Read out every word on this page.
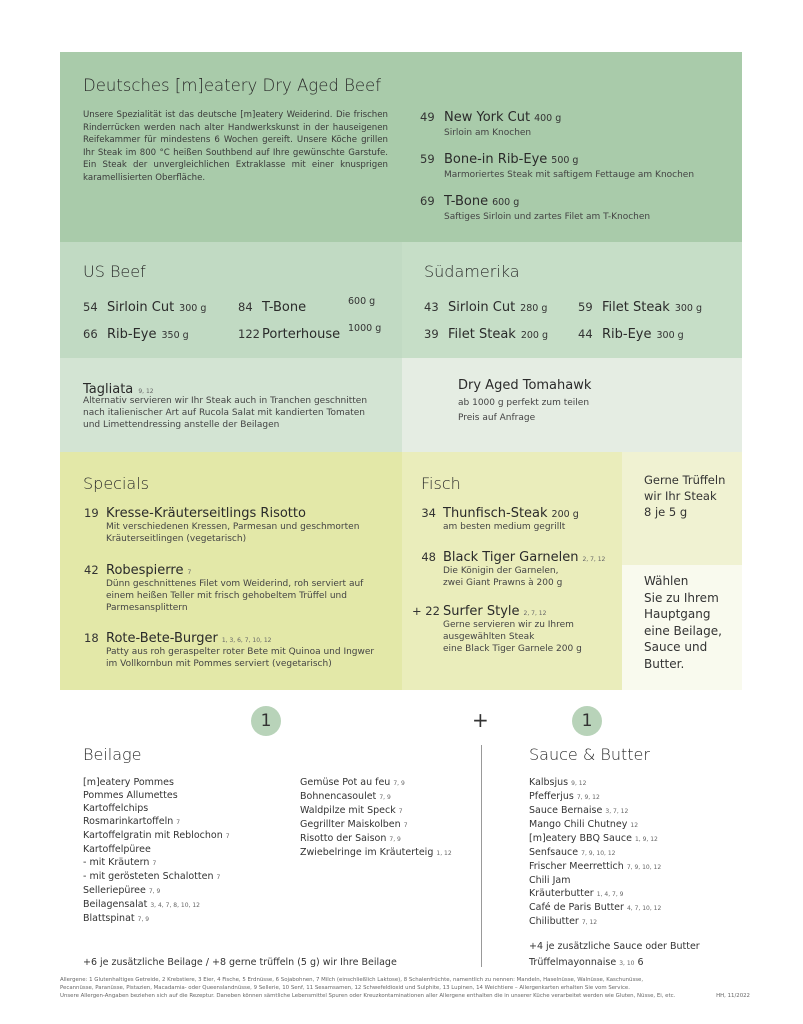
Deutsches [m]eatery Dry Aged Beef
Unsere Spezialität ist das deutsche [m]eatery Weiderind. Die frischen Rinderrücken werden nach alter Handwerkskunst in der hauseigenen Reifekammer für mindestens 6 Wochen gereift. Unsere Köche grillen Ihr Steak im 800 °C heißen Southbend auf Ihre gewünschte Garstufe. Ein Steak der unvergleichlichen Extraklasse mit einer knusprigen karamellisierten Oberfläche.
49 New York Cut 400 g
Sirloin am Knochen
59 Bone-in Rib-Eye 500 g
Marmoriertes Steak mit saftigem Fettauge am Knochen
69 T-Bone 600 g
Saftiges Sirloin und zartes Filet am T-Knochen
US Beef
54 Sirloin Cut 300 g	84 T-Bone	600 g
66 Rib-Eye 350 g	122 Porterhouse 1000 g
Südamerika
43 Sirloin Cut 280 g	59 Filet Steak 300 g
39 Filet Steak 200 g	44 Rib-Eye 300 g
Tagliata 9, 12
Alternativ servieren wir Ihr Steak auch in Tranchen geschnitten
nach italienischer Art auf Rucola Salat mit kandierten Tomaten
und Limettendressing anstelle der Beilagen
Dry Aged Tomahawk
ab 1000 g perfekt zum teilen
Preis auf Anfrage
Specials
19 Kresse-Kräuterseitlings Risotto
Mit verschiedenen Kressen, Parmesan und geschmorten
Kräuterseitlingen (vegetarisch)
42 Robespierre 7
Dünn geschnittenes Filet vom Weiderind, roh serviert auf
einem heißen Teller mit frisch gehobeltem Trüffel und
Parmesansplittern
18 Rote-Bete-Burger 1, 3, 6, 7, 10, 12
Patty aus roh geraspelter roter Bete mit Quinoa und Ingwer
im Vollkornbun mit Pommes serviert (vegetarisch)
Fisch
34 Thunfisch-Steak 200 g
am besten medium gegrillt
48 Black Tiger Garnelen 2, 7, 12
Die Königin der Garnelen,
zwei Giant Prawns à 200 g
+ 22 Surfer Style 2, 7, 12
Gerne servieren wir zu Ihrem
ausgewählten Steak
eine Black Tiger Garnele 200 g
Gerne Trüffeln
wir Ihr Steak
8 je 5 g
Wählen
Sie zu Ihrem
Hauptgang
eine Beilage,
Sauce und
Butter.
1	+	1
Beilage
[m]eatery Pommes
Pommes Allumettes
Kartoffelchips
Rosmarinkartoffeln 7
Kartoffelgratin mit Reblochon 7
Kartoffelpüree
- mit Kräutern 7
- mit gerösteten Schalotten 7
Selleriepüree 7, 9
Beilagensalat 3, 4, 7, 8, 10, 12
Blattspinat 7, 9
Gemüse Pot au feu 7, 9
Bohnencasoulet 7, 9
Waldpilze mit Speck 7
Gegrillter Maiskolben 7
Risotto der Saison 7, 9
Zwiebelringe im Kräuterteig 1, 12
+6 je zusätzliche Beilage / +8 gerne trüffeln (5 g) wir Ihre Beilage
Sauce & Butter
Kalbsjus 9, 12
Pfefferjus 7, 9, 12
Sauce Bernaise 3, 7, 12
Mango Chili Chutney 12
[m]eatery BBQ Sauce 1, 9, 12
Senfsauce 7, 9, 10, 12
Frischer Meerrettich 7, 9, 10, 12
Chili Jam
Kräuterbutter 1, 4, 7, 9
Café de Paris Butter 4, 7, 10, 12
Chilibutter 7, 12
+4 je zusätzliche Sauce oder Butter
Trüffelmayonnaise 3, 10 6
Allergene: 1 Glutenhaltiges Getreide, 2 Krebstiere, 3 Eier, 4 Fische, 5 Erdnüsse, 6 Sojabohnen, 7 Milch (einschließlich Laktose), 8 Schalenfrüchte, namentlich zu nennen: Mandeln, Haselnüsse, Walnüsse, Kaschunüsse,
Pecannüsse, Paranüsse, Pistazien, Macadamia- oder Queenslandnüsse, 9 Sellerie, 10 Senf, 11 Sesamsamen, 12 Schwefeldioxid und Sulphite, 13 Lupinen, 14 Weichtiere – Allergenkarten erhalten Sie vom Service.
Unsere Allergen-Angaben beziehen sich auf die Rezeptur. Daneben können sämtliche Lebensmittel Spuren oder Kreuzkontaminationen aller Allergene enthalten die in unserer Küche verarbeitet werden wie Gluten, Nüsse, Ei, etc.	HH, 11/2022
